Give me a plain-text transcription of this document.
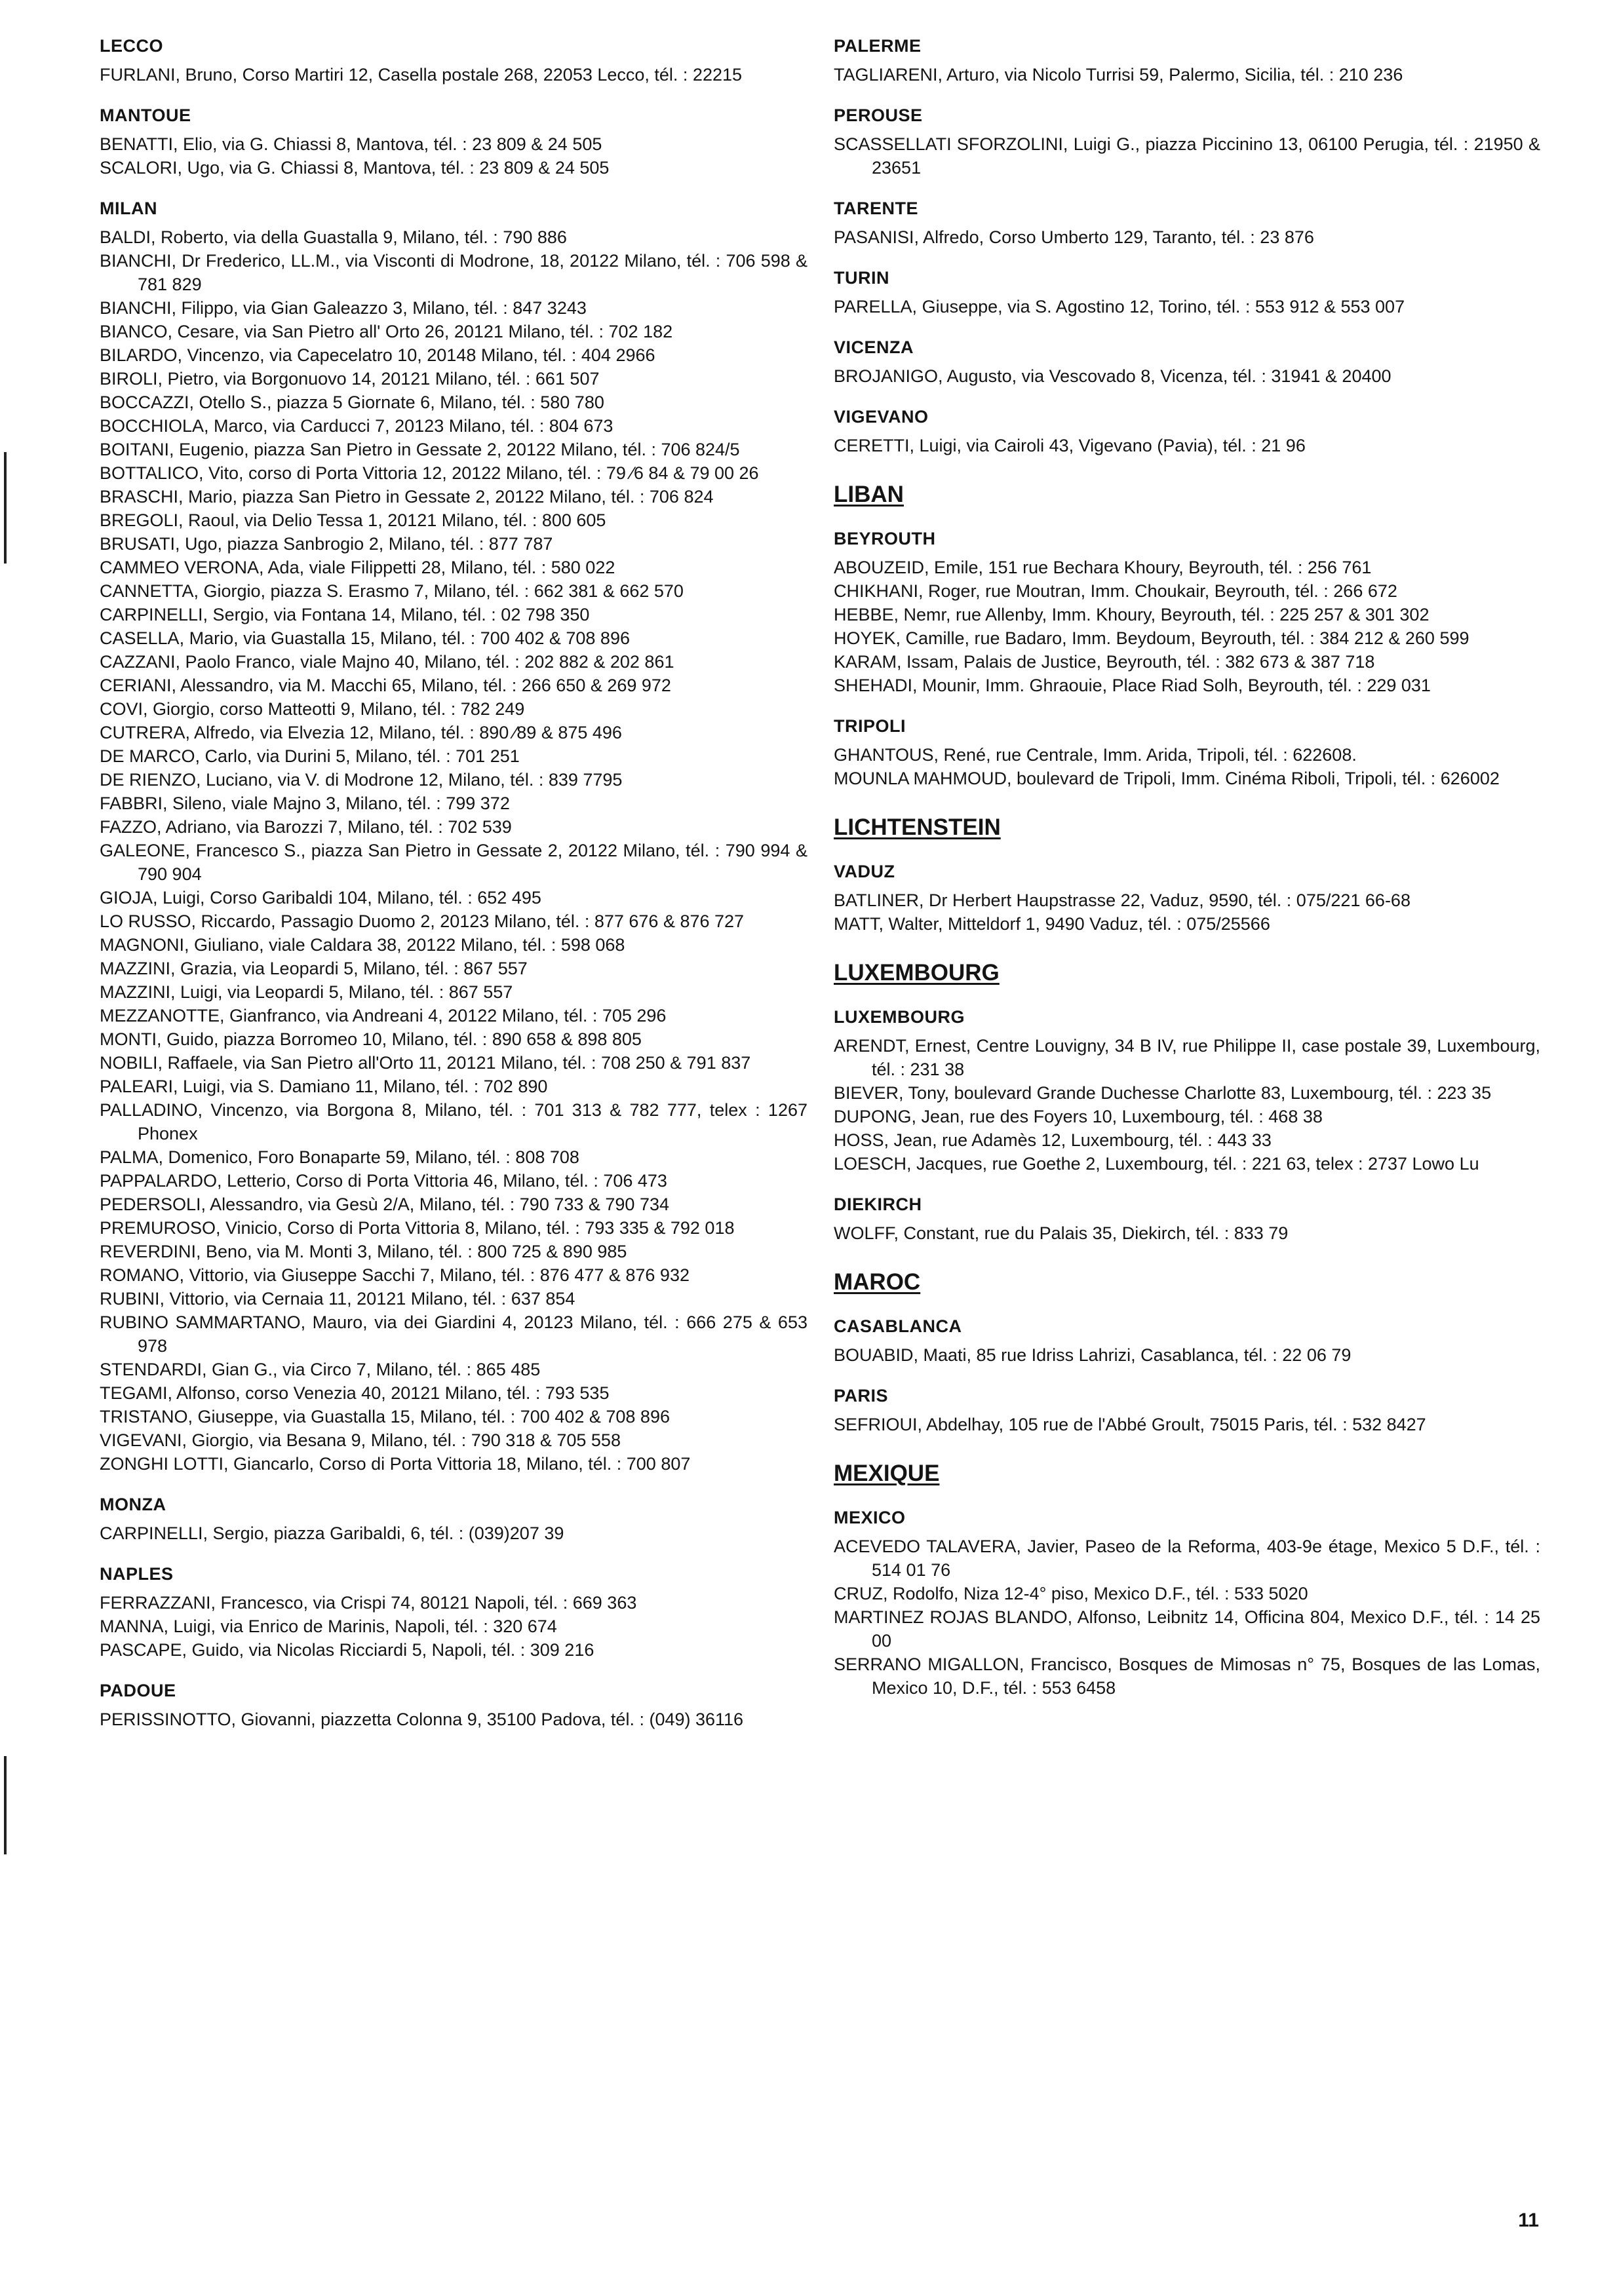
LECCO
FURLANI, Bruno, Corso Martiri 12, Casella postale 268, 22053 Lecco, tél. : 22215
MANTOUE
BENATTI, Elio, via G. Chiassi 8, Mantova, tél. : 23 809 & 24 505
SCALORI, Ugo, via G. Chiassi 8, Mantova, tél. : 23 809 & 24 505
MILAN
BALDI, Roberto, via della Guastalla 9, Milano, tél. : 790 886
BIANCHI, Dr Frederico, LL.M., via Visconti di Modrone, 18, 20122 Milano, tél. : 706 598 & 781 829
BIANCHI, Filippo, via Gian Galeazzo 3, Milano, tél. : 847 3243
BIANCO, Cesare, via San Pietro all' Orto 26, 20121 Milano, tél. : 702 182
BILARDO, Vincenzo, via Capecelatro 10, 20148 Milano, tél. : 404 2966
BIROLI, Pietro, via Borgonuovo 14, 20121 Milano, tél. : 661 507
BOCCAZZI, Otello S., piazza 5 Giornate 6, Milano, tél. : 580 780
BOCCHIOLA, Marco, via Carducci 7, 20123 Milano, tél. : 804 673
BOITANI, Eugenio, piazza San Pietro in Gessate 2, 20122 Milano, tél. : 706 824/5
BOTTALICO, Vito, corso di Porta Vittoria 12, 20122 Milano, tél. : 79 ⁄6 84 & 79 00 26
BRASCHI, Mario, piazza San Pietro in Gessate 2, 20122 Milano, tél. : 706 824
BREGOLI, Raoul, via Delio Tessa 1, 20121 Milano, tél. : 800 605
BRUSATI, Ugo, piazza Sanbrogio 2, Milano, tél. : 877 787
CAMMEO VERONA, Ada, viale Filippetti 28, Milano, tél. : 580 022
CANNETTA, Giorgio, piazza S. Erasmo 7, Milano, tél. : 662 381 & 662 570
CARPINELLI, Sergio, via Fontana 14, Milano, tél. : 02 798 350
CASELLA, Mario, via Guastalla 15, Milano, tél. : 700 402 & 708 896
CAZZANI, Paolo Franco, viale Majno 40, Milano, tél. : 202 882 & 202 861
CERIANI, Alessandro, via M. Macchi 65, Milano, tél. : 266 650 & 269 972
COVI, Giorgio, corso Matteotti 9, Milano, tél. : 782 249
CUTRERA, Alfredo, via Elvezia 12, Milano, tél. : 890 ⁄89 & 875 496
DE MARCO, Carlo, via Durini 5, Milano, tél. : 701 251
DE RIENZO, Luciano, via V. di Modrone 12, Milano, tél. : 839 7795
FABBRI, Sileno, viale Majno 3, Milano, tél. : 799 372
FAZZO, Adriano, via Barozzi 7, Milano, tél. : 702 539
GALEONE, Francesco S., piazza San Pietro in Gessate 2, 20122 Milano, tél. : 790 994 & 790 904
GIOJA, Luigi, Corso Garibaldi 104, Milano, tél. : 652 495
LO RUSSO, Riccardo, Passagio Duomo 2, 20123 Milano, tél. : 877 676 & 876 727
MAGNONI, Giuliano, viale Caldara 38, 20122 Milano, tél. : 598 068
MAZZINI, Grazia, via Leopardi 5, Milano, tél. : 867 557
MAZZINI, Luigi, via Leopardi 5, Milano, tél. : 867 557
MEZZANOTTE, Gianfranco, via Andreani 4, 20122 Milano, tél. : 705 296
MONTI, Guido, piazza Borromeo 10, Milano, tél. : 890 658 & 898 805
NOBILI, Raffaele, via San Pietro all'Orto 11, 20121 Milano, tél. : 708 250 & 791 837
PALEARI, Luigi, via S. Damiano 11, Milano, tél. : 702 890
PALLADINO, Vincenzo, via Borgona 8, Milano, tél. : 701 313 & 782 777, telex : 1267 Phonex
PALMA, Domenico, Foro Bonaparte 59, Milano, tél. : 808 708
PAPPALARDO, Letterio, Corso di Porta Vittoria 46, Milano, tél. : 706 473
PEDERSOLI, Alessandro, via Gesù 2/A, Milano, tél. : 790 733 & 790 734
PREMUROSO, Vinicio, Corso di Porta Vittoria 8, Milano, tél. : 793 335 & 792 018
REVERDINI, Beno, via M. Monti 3, Milano, tél. : 800 725 & 890 985
ROMANO, Vittorio, via Giuseppe Sacchi 7, Milano, tél. : 876 477 & 876 932
RUBINI, Vittorio, via Cernaia 11, 20121 Milano, tél. : 637 854
RUBINO SAMMARTANO, Mauro, via dei Giardini 4, 20123 Milano, tél. : 666 275 & 653 978
STENDARDI, Gian G., via Circo 7, Milano, tél. : 865 485
TEGAMI, Alfonso, corso Venezia 40, 20121 Milano, tél. : 793 535
TRISTANO, Giuseppe, via Guastalla 15, Milano, tél. : 700 402 & 708 896
VIGEVANI, Giorgio, via Besana 9, Milano, tél. : 790 318 & 705 558
ZONGHI LOTTI, Giancarlo, Corso di Porta Vittoria 18, Milano, tél. : 700 807
MONZA
CARPINELLI, Sergio, piazza Garibaldi, 6, tél. : (039)207 39
NAPLES
FERRAZZANI, Francesco, via Crispi 74, 80121 Napoli, tél. : 669 363
MANNA, Luigi, via Enrico de Marinis, Napoli, tél. : 320 674
PASCAPE, Guido, via Nicolas Ricciardi 5, Napoli, tél. : 309 216
PADOUE
PERISSINOTTO, Giovanni, piazzetta Colonna 9, 35100 Padova, tél. : (049) 36116
PALERME
TAGLIARENI, Arturo, via Nicolo Turrisi 59, Palermo, Sicilia, tél. : 210 236
PEROUSE
SCASSELLATI SFORZOLINI, Luigi G., piazza Piccinino 13, 06100 Perugia, tél. : 21950 & 23651
TARENTE
PASANISI, Alfredo, Corso Umberto 129, Taranto, tél. : 23 876
TURIN
PARELLA, Giuseppe, via S. Agostino 12, Torino, tél. : 553 912 & 553 007
VICENZA
BROJANIGO, Augusto, via Vescovado 8, Vicenza, tél. : 31941 & 20400
VIGEVANO
CERETTI, Luigi, via Cairoli 43, Vigevano (Pavia), tél. : 21 96
LIBAN
BEYROUTH
ABOUZEID, Emile, 151 rue Bechara Khoury, Beyrouth, tél. : 256 761
CHIKHANI, Roger, rue Moutran, Imm. Choukair, Beyrouth, tél. : 266 672
HEBBE, Nemr, rue Allenby, Imm. Khoury, Beyrouth, tél. : 225 257 & 301 302
HOYEK, Camille, rue Badaro, Imm. Beydoum, Beyrouth, tél. : 384 212 & 260 599
KARAM, Issam, Palais de Justice, Beyrouth, tél. : 382 673 & 387 718
SHEHADI, Mounir, Imm. Ghraouie, Place Riad Solh, Beyrouth, tél. : 229 031
TRIPOLI
GHANTOUS, René, rue Centrale, Imm. Arida, Tripoli, tél. : 622608.
MOUNLA MAHMOUD, boulevard de Tripoli, Imm. Cinéma Riboli, Tripoli, tél. : 626002
LICHTENSTEIN
VADUZ
BATLINER, Dr Herbert Haupstrasse 22, Vaduz, 9590, tél. : 075/221 66-68
MATT, Walter, Mitteldorf 1, 9490 Vaduz, tél. : 075/25566
LUXEMBOURG
LUXEMBOURG
ARENDT, Ernest, Centre Louvigny, 34 B IV, rue Philippe II, case postale 39, Luxembourg, tél. : 231 38
BIEVER, Tony, boulevard Grande Duchesse Charlotte 83, Luxembourg, tél. : 223 35
DUPONG, Jean, rue des Foyers 10, Luxembourg, tél. : 468 38
HOSS, Jean, rue Adamès 12, Luxembourg, tél. : 443 33
LOESCH, Jacques, rue Goethe 2, Luxembourg, tél. : 221 63, telex : 2737 Lowo Lu
DIEKIRCH
WOLFF, Constant, rue du Palais 35, Diekirch, tél. : 833 79
MAROC
CASABLANCA
BOUABID, Maati, 85 rue Idriss Lahrizi, Casablanca, tél. : 22 06 79
PARIS
SEFRIOUI, Abdelhay, 105 rue de l'Abbé Groult, 75015 Paris, tél. : 532 8427
MEXIQUE
MEXICO
ACEVEDO TALAVERA, Javier, Paseo de la Reforma, 403-9e étage, Mexico 5 D.F., tél. : 514 01 76
CRUZ, Rodolfo, Niza 12-4° piso, Mexico D.F., tél. : 533 5020
MARTINEZ ROJAS BLANDO, Alfonso, Leibnitz 14, Officina 804, Mexico D.F., tél. : 14 25 00
SERRANO MIGALLON, Francisco, Bosques de Mimosas n° 75, Bosques de las Lomas, Mexico 10, D.F., tél. : 553 6458
11
